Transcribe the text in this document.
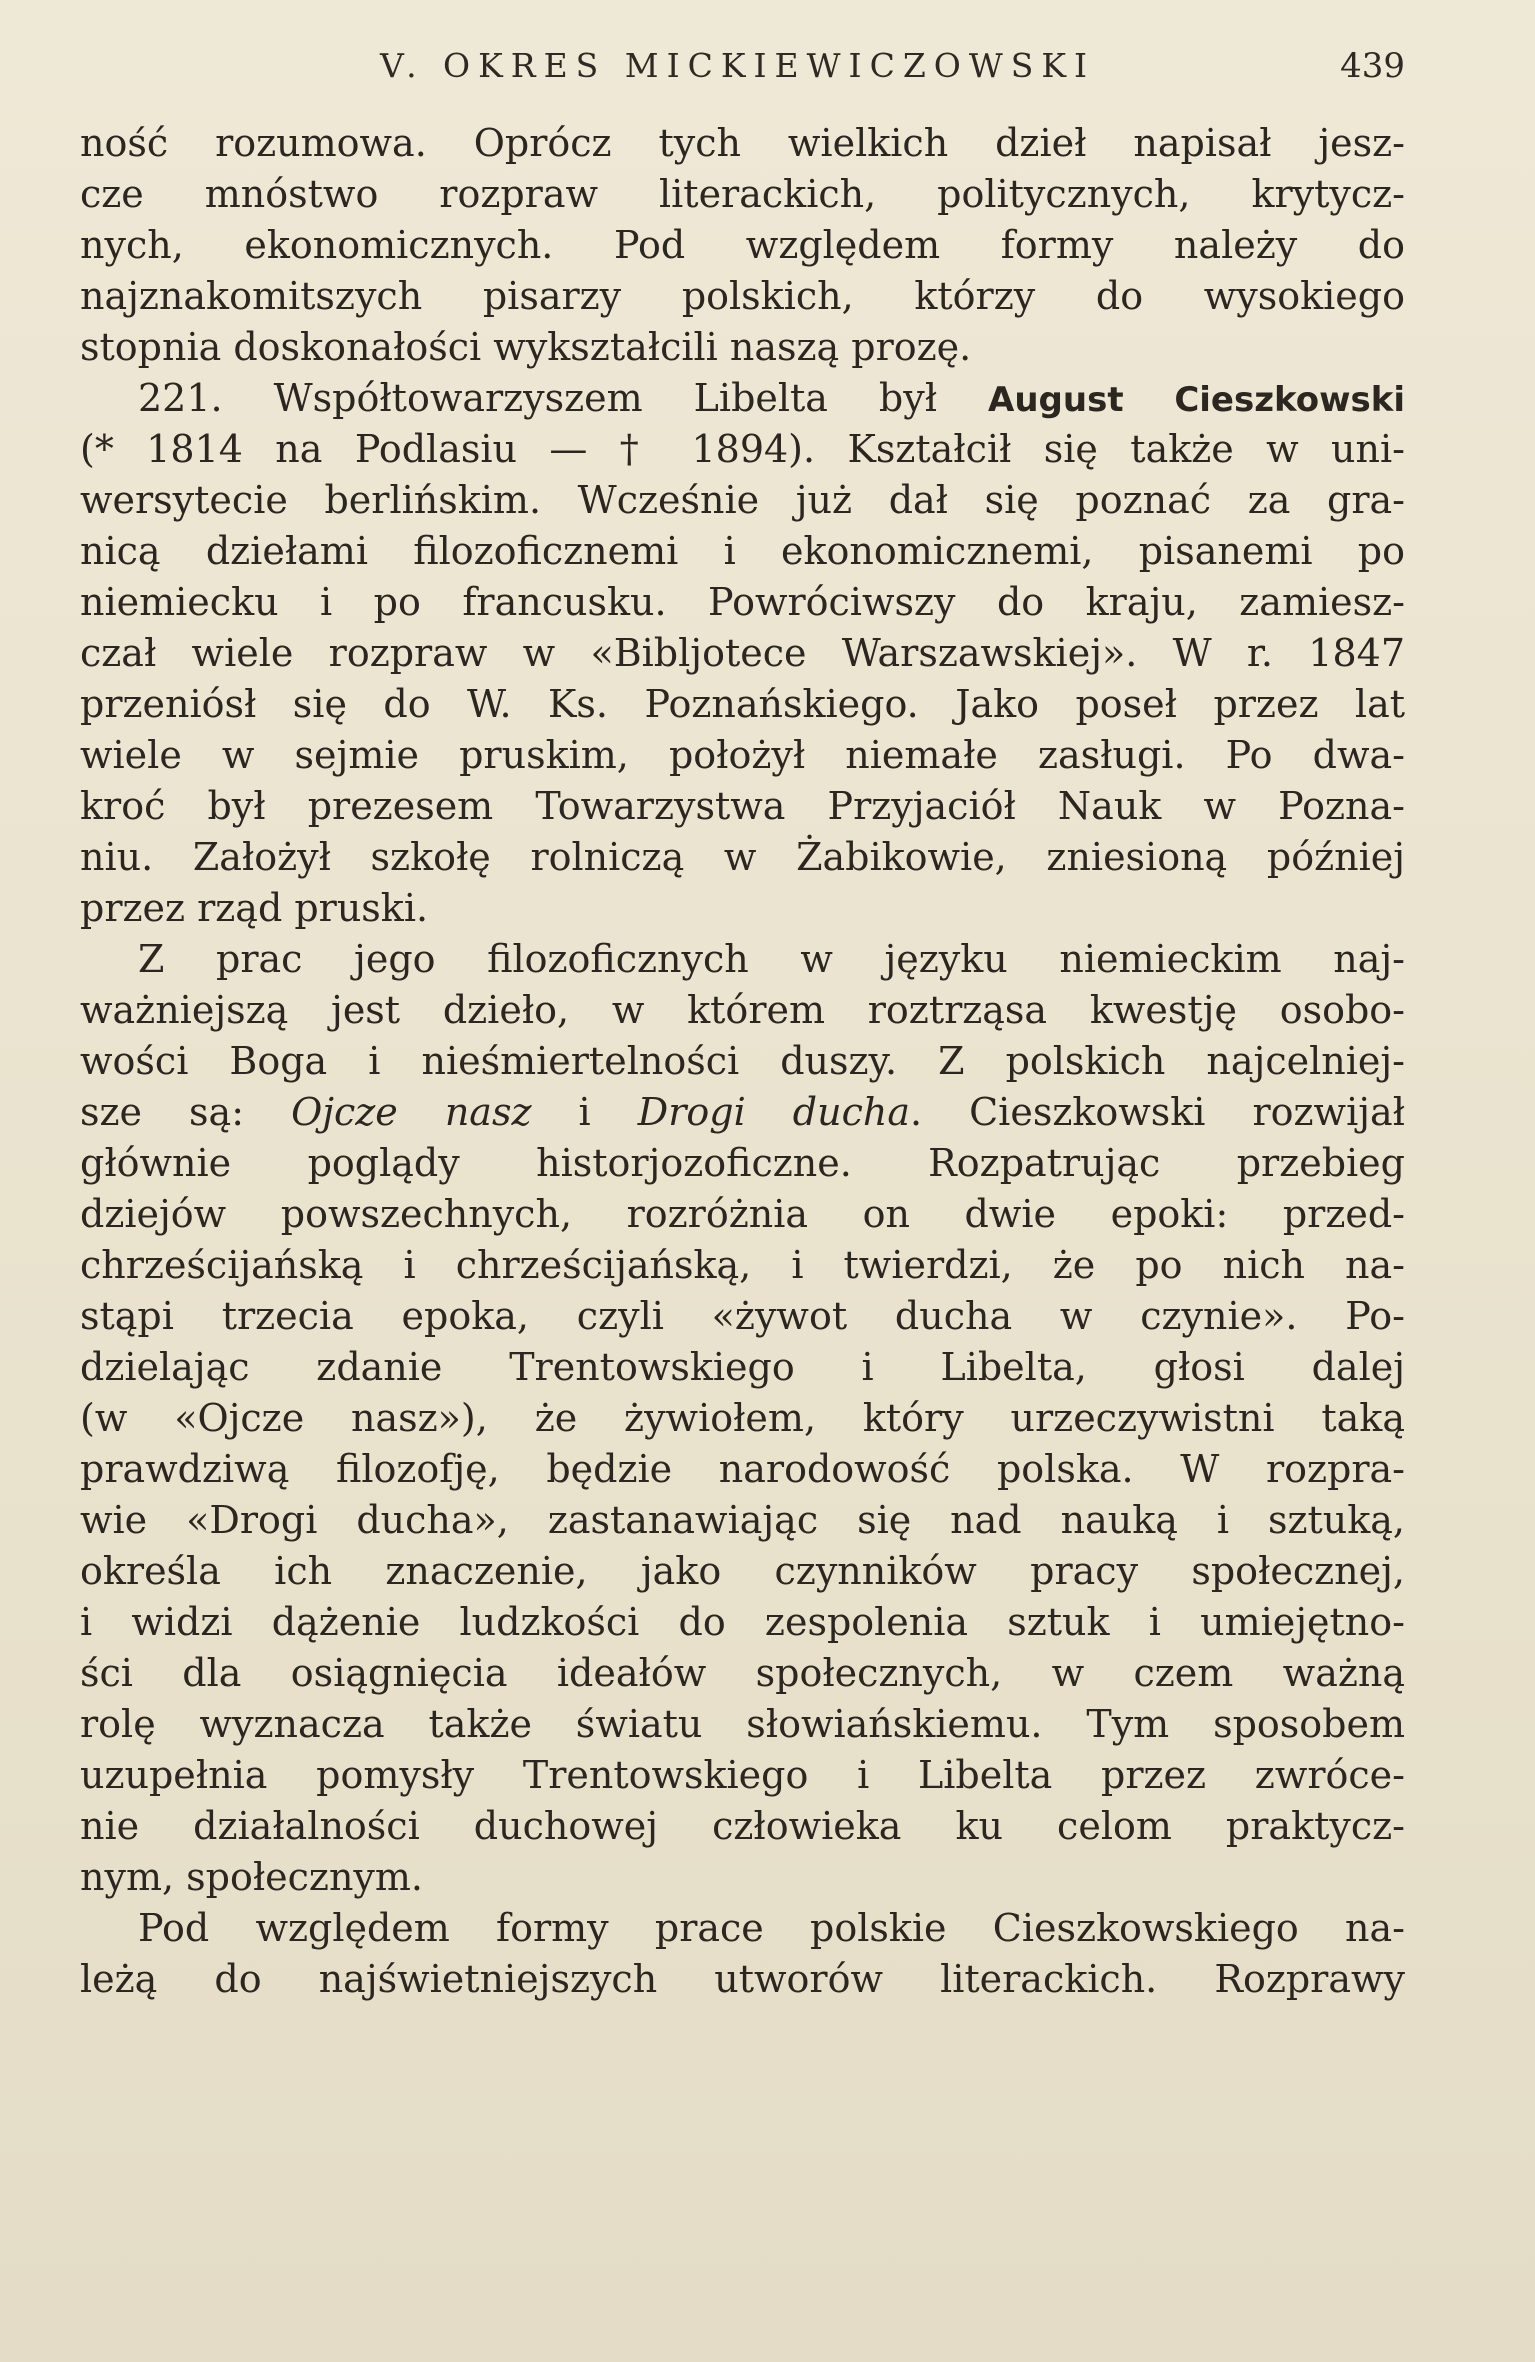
V. OKRES MICKIEWICZOWSKI	439
ność rozumowa. Oprócz tych wielkich dzieł napisał jesz-
cze mnóstwo rozpraw literackich, politycznych, krytycz-
nych, ekonomicznych. Pod względem formy należy do
najznakomitszych pisarzy polskich, którzy do wysokiego
stopnia doskonałości wykształcili naszą prozę.
221. Współtowarzyszem Libelta był August Cieszkowski
(* 1814 na Podlasiu — † 1894). Kształcił się także w uni-
wersytecie berlińskim. Wcześnie już dał się poznać za gra-
nicą dziełami filozoficznemi i ekonomicznemi, pisanemi po
niemiecku i po francusku. Powróciwszy do kraju, zamiesz-
czał wiele rozpraw w «Bibljotece Warszawskiej». W r. 1847
przeniósł się do W. Ks. Poznańskiego. Jako poseł przez lat
wiele w sejmie pruskim, położył niemałe zasługi. Po dwa-
kroć był prezesem Towarzystwa Przyjaciół Nauk w Pozna-
niu. Założył szkołę rolniczą w Żabikowie, zniesioną później
przez rząd pruski.
Z prac jego filozoficznych w języku niemieckim naj-
ważniejszą jest dzieło, w którem roztrząsa kwestję osobo-
wości Boga i nieśmiertelności duszy. Z polskich najcelniej-
sze są: Ojcze nasz i Drogi ducha. Cieszkowski rozwijał
głównie poglądy historjozoficzne. Rozpatrując przebieg
dziejów powszechnych, rozróżnia on dwie epoki: przed-
chrześcijańską i chrześcijańską, i twierdzi, że po nich na-
stąpi trzecia epoka, czyli «żywot ducha w czynie». Po-
dzielając zdanie Trentowskiego i Libelta, głosi dalej
(w «Ojcze nasz»), że żywiołem, który urzeczywistni taką
prawdziwą filozofję, będzie narodowość polska. W rozpra-
wie «Drogi ducha», zastanawiając się nad nauką i sztuką,
określa ich znaczenie, jako czynników pracy społecznej,
i widzi dążenie ludzkości do zespolenia sztuk i umiejętno-
ści dla osiągnięcia ideałów społecznych, w czem ważną
rolę wyznacza także światu słowiańskiemu. Tym sposobem
uzupełnia pomysły Trentowskiego i Libelta przez zwróce-
nie działalności duchowej człowieka ku celom praktycz-
nym, społecznym.
Pod względem formy prace polskie Cieszkowskiego na-
leżą do najświetniejszych utworów literackich. Rozprawy
